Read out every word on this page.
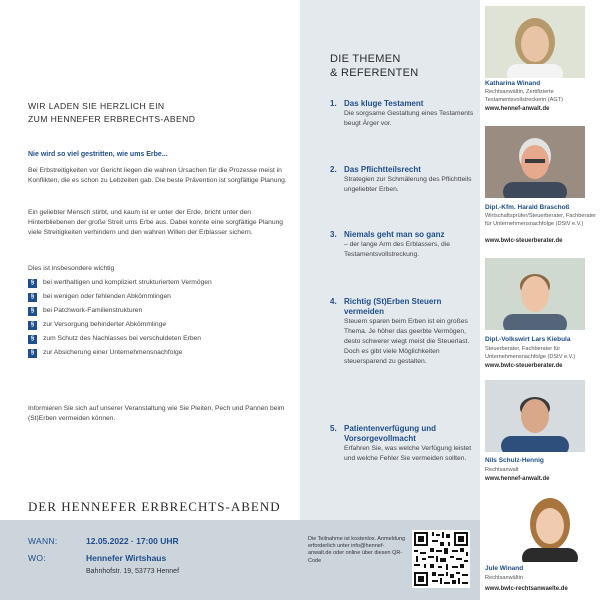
WIR LADEN SIE HERZLICH EIN
ZUM HENNEFER ERBRECHTS-ABEND
Nie wird so viel gestritten, wie ums Erbe...

Bei Erbstreitigkeiten vor Gericht liegen die wahren Ursachen für die Prozesse meist in Konflikten, die es schon zu Lebzeiten gab. Die beste Prävention ist sorgfältige Planung.

Ein geliebter Mensch stirbt, und kaum ist er unter der Erde, bricht unter den Hinterbliebenen der große Streit ums Erbe aus. Dabei konnte eine sorgfältige Planung viele Streitigkeiten verhindern und den wahren Willen der Erblasser sichern.

Dies ist insbesondere wichtig

§	bei werthaltigen und kompliziert strukturiertem Vermögen
§	bei wenigen oder fehlenden Abkömmlingen
§	bei Patchwork-Familienstrukturen
§	zur Versorgung behinderter Abkömmlinge
§	zum Schutz des Nachlasses bei verschuldeten Erben
§	zur Absicherung einer Unternehmensnachfolge

Informieren Sie sich auf unserer Veranstaltung wie Sie Pleiten, Pech und Pannen beim (St)Erben vermeiden können.

DER HENNEFER ERBRECHTS-ABEND
DIE THEMEN
& REFERENTEN
1. Das kluge Testament
Die sorgsame Gestaltung eines Testaments beugt Ärger vor.
2. Das Pflichtteilsrecht
Strategien zur Schmälerung des Pflichtteils ungeliebter Erben.
3. Niemals geht man so ganz
– der lange Arm des Erblassers, die Testamentsvollstreckung.
4. Richtig (St)Erben Steuern vermeiden
Steuern sparen beim Erben ist ein großes Thema. Je höher das geerbte Vermögen, desto schwerer wiegt meist die Steuerlast. Doch es gibt viele Möglichkeiten steuersparend zu gestalten.
5. Patientenverfügung und Vorsorgevollmacht
Erfahren Sie, was welche Verfügung leistet und welche Fehler Sie vermeiden sollten.
Katharina Winand
Rechtsanwältin, Zertifizierte Testamentsvollstreckerin (AGT)
www.hennef-anwalt.de
Dipl.-Kfm. Harald Braschoß
Wirtschaftsprüfer/Steuerberater, Fachberater für Unternehmensnachfolge (DStV e.V.)
www.bwlc-steuerberater.de
Dipl.-Volkswirt Lars Kiebula
Steuerberater, Fachberater für Unternehmensnachfolge (DStV e.V.)
www.bwlc-steuerberater.de
Nils Schulz-Hennig
Rechtsanwalt
www.hennef-anwalt.de
Jule Winand
Rechtsanwältin
www.bwlc-rechtsanwaelte.de
WANN:	12.05.2022 · 17:00 UHR
WO:	Hennefer Wirtshaus
Bahnhofstr. 19, 53773 Hennef
Die Teilnahme ist kostenlos. Anmeldung erforderlich unter info@hennef-anwalt.de oder online über diesen QR-Code
